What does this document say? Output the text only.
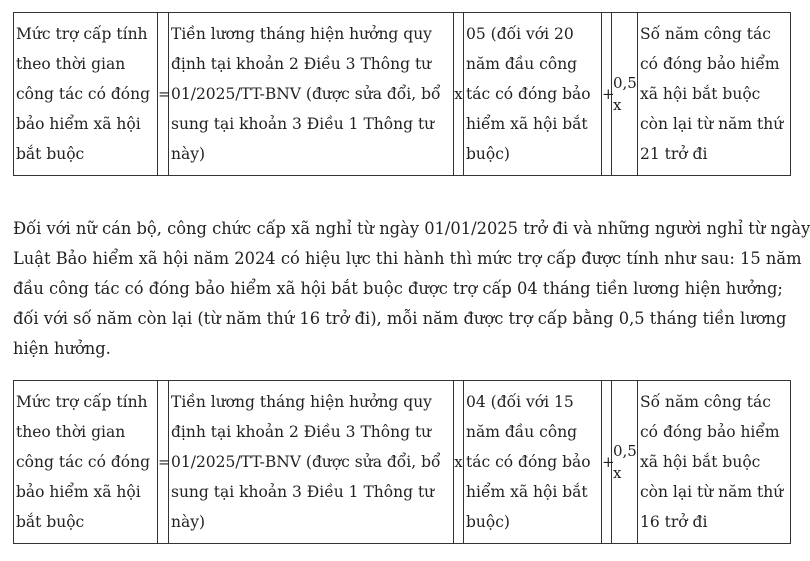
Mức trợ cấp tính theo thời gian công tác có đóng bảo hiểm xã hội bắt buộc	=	Tiền lương tháng hiện hưởng quy định tại khoản 2 Điều 3 Thông tư 01/2025/TT-BNV (được sửa đổi, bổ sung tại khoản 3 Điều 1 Thông tư này)	x	05 (đối với 20 năm đầu công tác có đóng bảo hiểm xã hội bắt buộc)	+	0,5 x	Số năm công tác có đóng bảo hiểm xã hội bắt buộc còn lại từ năm thứ 21 trở đi
Đối với nữ cán bộ, công chức cấp xã nghỉ từ ngày 01/01/2025 trở đi và những người nghỉ từ ngày
Luật Bảo hiểm xã hội năm 2024 có hiệu lực thi hành thì mức trợ cấp được tính như sau: 15 năm
đầu công tác có đóng bảo hiểm xã hội bắt buộc được trợ cấp 04 tháng tiền lương hiện hưởng;
đối với số năm còn lại (từ năm thứ 16 trở đi), mỗi năm được trợ cấp bằng 0,5 tháng tiền lương
hiện hưởng.
Mức trợ cấp tính theo thời gian công tác có đóng bảo hiểm xã hội bắt buộc	=	Tiền lương tháng hiện hưởng quy định tại khoản 2 Điều 3 Thông tư 01/2025/TT-BNV (được sửa đổi, bổ sung tại khoản 3 Điều 1 Thông tư này)	x	04 (đối với 15 năm đầu công tác có đóng bảo hiểm xã hội bắt buộc)	+	0,5 x	Số năm công tác có đóng bảo hiểm xã hội bắt buộc còn lại từ năm thứ 16 trở đi
